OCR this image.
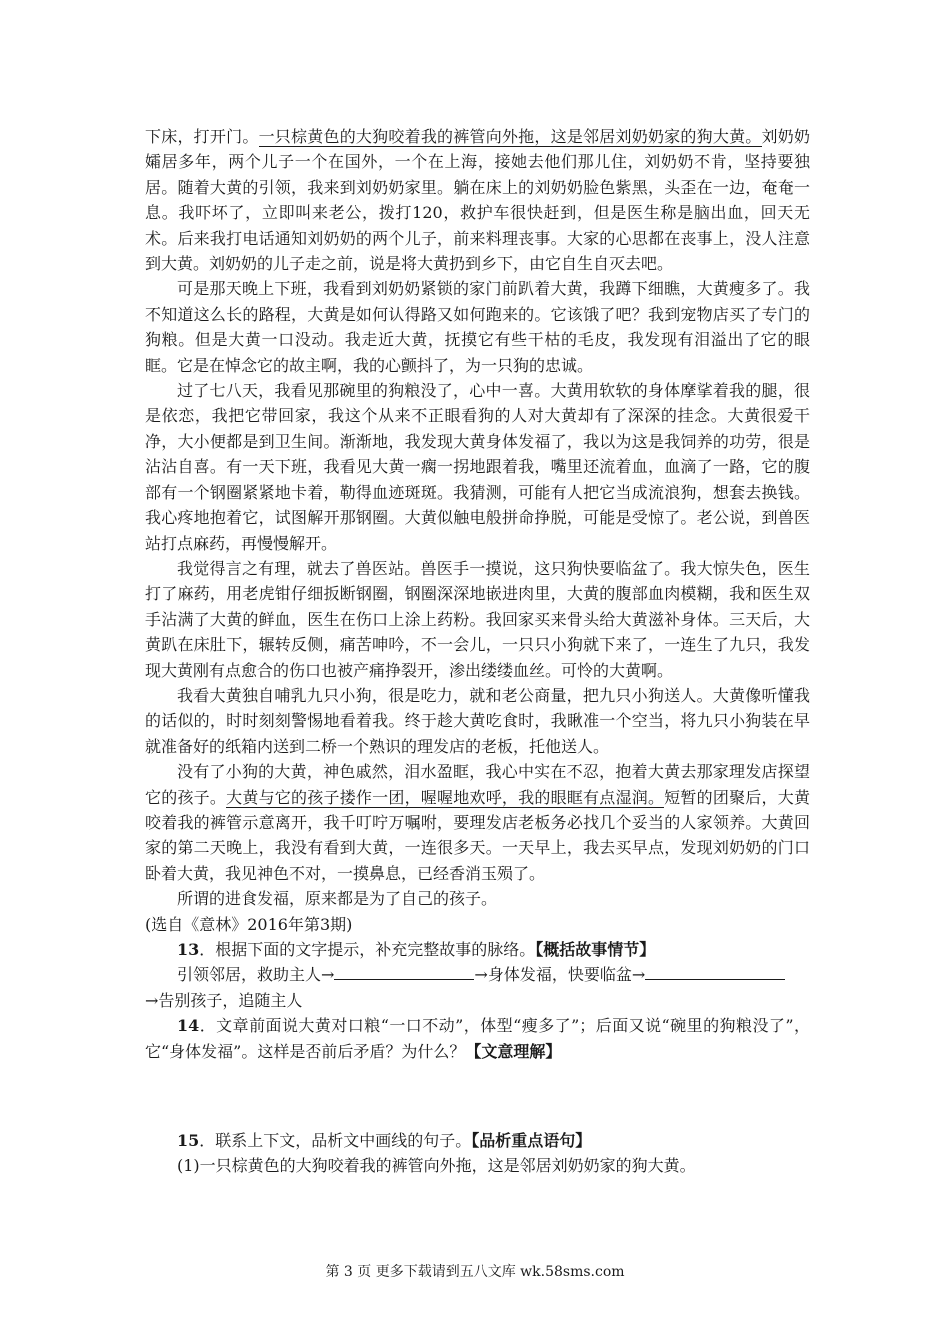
下床，打开门。一只棕黄色的大狗咬着我的裤管向外拖，这是邻居刘奶奶家的狗大黄。刘奶奶孀居多年，两个儿子一个在国外，一个在上海，接她去他们那儿住，刘奶奶不肯，坚持要独居。随着大黄的引领，我来到刘奶奶家里。躺在床上的刘奶奶脸色紫黑，头歪在一边，奄奄一息。我吓坏了，立即叫来老公，拨打120，救护车很快赶到，但是医生称是脑出血，回天无术。后来我打电话通知刘奶奶的两个儿子，前来料理丧事。大家的心思都在丧事上，没人注意到大黄。刘奶奶的儿子走之前，说是将大黄扔到乡下，由它自生自灭去吧。

可是那天晚上下班，我看到刘奶奶紧锁的家门前趴着大黄，我蹲下细瞧，大黄瘦多了。我不知道这么长的路程，大黄是如何认得路又如何跑来的。它该饿了吧？我到宠物店买了专门的狗粮。但是大黄一口没动。我走近大黄，抚摸它有些干枯的毛皮，我发现有泪溢出了它的眼眶。它是在悼念它的故主啊，我的心颤抖了，为一只狗的忠诚。

过了七八天，我看见那碗里的狗粮没了，心中一喜。大黄用软软的身体摩挲着我的腿，很是依恋，我把它带回家，我这个从来不正眼看狗的人对大黄却有了深深的挂念。大黄很爱干净，大小便都是到卫生间。渐渐地，我发现大黄身体发福了，我以为这是我饲养的功劳，很是沾沾自喜。有一天下班，我看见大黄一瘸一拐地跟着我，嘴里还流着血，血滴了一路，它的腹部有一个钢圈紧紧地卡着，勒得血迹斑斑。我猜测，可能有人把它当成流浪狗，想套去换钱。我心疼地抱着它，试图解开那钢圈。大黄似触电般拼命挣脱，可能是受惊了。老公说，到兽医站打点麻药，再慢慢解开。

我觉得言之有理，就去了兽医站。兽医手一摸说，这只狗快要临盆了。我大惊失色，医生打了麻药，用老虎钳仔细扳断钢圈，钢圈深深地嵌进肉里，大黄的腹部血肉模糊，我和医生双手沾满了大黄的鲜血，医生在伤口上涂上药粉。我回家买来骨头给大黄滋补身体。三天后，大黄趴在床肚下，辗转反侧，痛苦呻吟，不一会儿，一只只小狗就下来了，一连生了九只，我发现大黄刚有点愈合的伤口也被产痛挣裂开，渗出缕缕血丝。可怜的大黄啊。

我看大黄独自哺乳九只小狗，很是吃力，就和老公商量，把九只小狗送人。大黄像听懂我的话似的，时时刻刻警惕地看着我。终于趁大黄吃食时，我瞅准一个空当，将九只小狗装在早就准备好的纸箱内送到二桥一个熟识的理发店的老板，托他送人。

没有了小狗的大黄，神色戚然，泪水盈眶，我心中实在不忍，抱着大黄去那家理发店探望它的孩子。大黄与它的孩子搂作一团，喔喔地欢呼，我的眼眶有点湿润。短暂的团聚后，大黄咬着我的裤管示意离开，我千叮咛万嘱咐，要理发店老板务必找几个妥当的人家领养。大黄回家的第二天晚上，我没有看到大黄，一连很多天。一天早上，我去买早点，发现刘奶奶的门口卧着大黄，我见神色不对，一摸鼻息，已经香消玉殒了。

所谓的进食发福，原来都是为了自己的孩子。

(选自《意林》2016年第3期)

13．根据下面的文字提示，补充完整故事的脉络。【概括故事情节】

引领邻居，救助主人→	→身体发福，快要临盆→

→告别孩子，追随主人

14．文章前面说大黄对口粮“一口不动”，体型“瘦多了”；后面又说“碗里的狗粮没了”，它“身体发福”。这样是否前后矛盾？为什么？【文意理解】

15．联系上下文，品析文中画线的句子。【品析重点语句】

(1)一只棕黄色的大狗咬着我的裤管向外拖，这是邻居刘奶奶家的狗大黄。

第 3 页 更多下载请到五八文库 wk.58sms.com
